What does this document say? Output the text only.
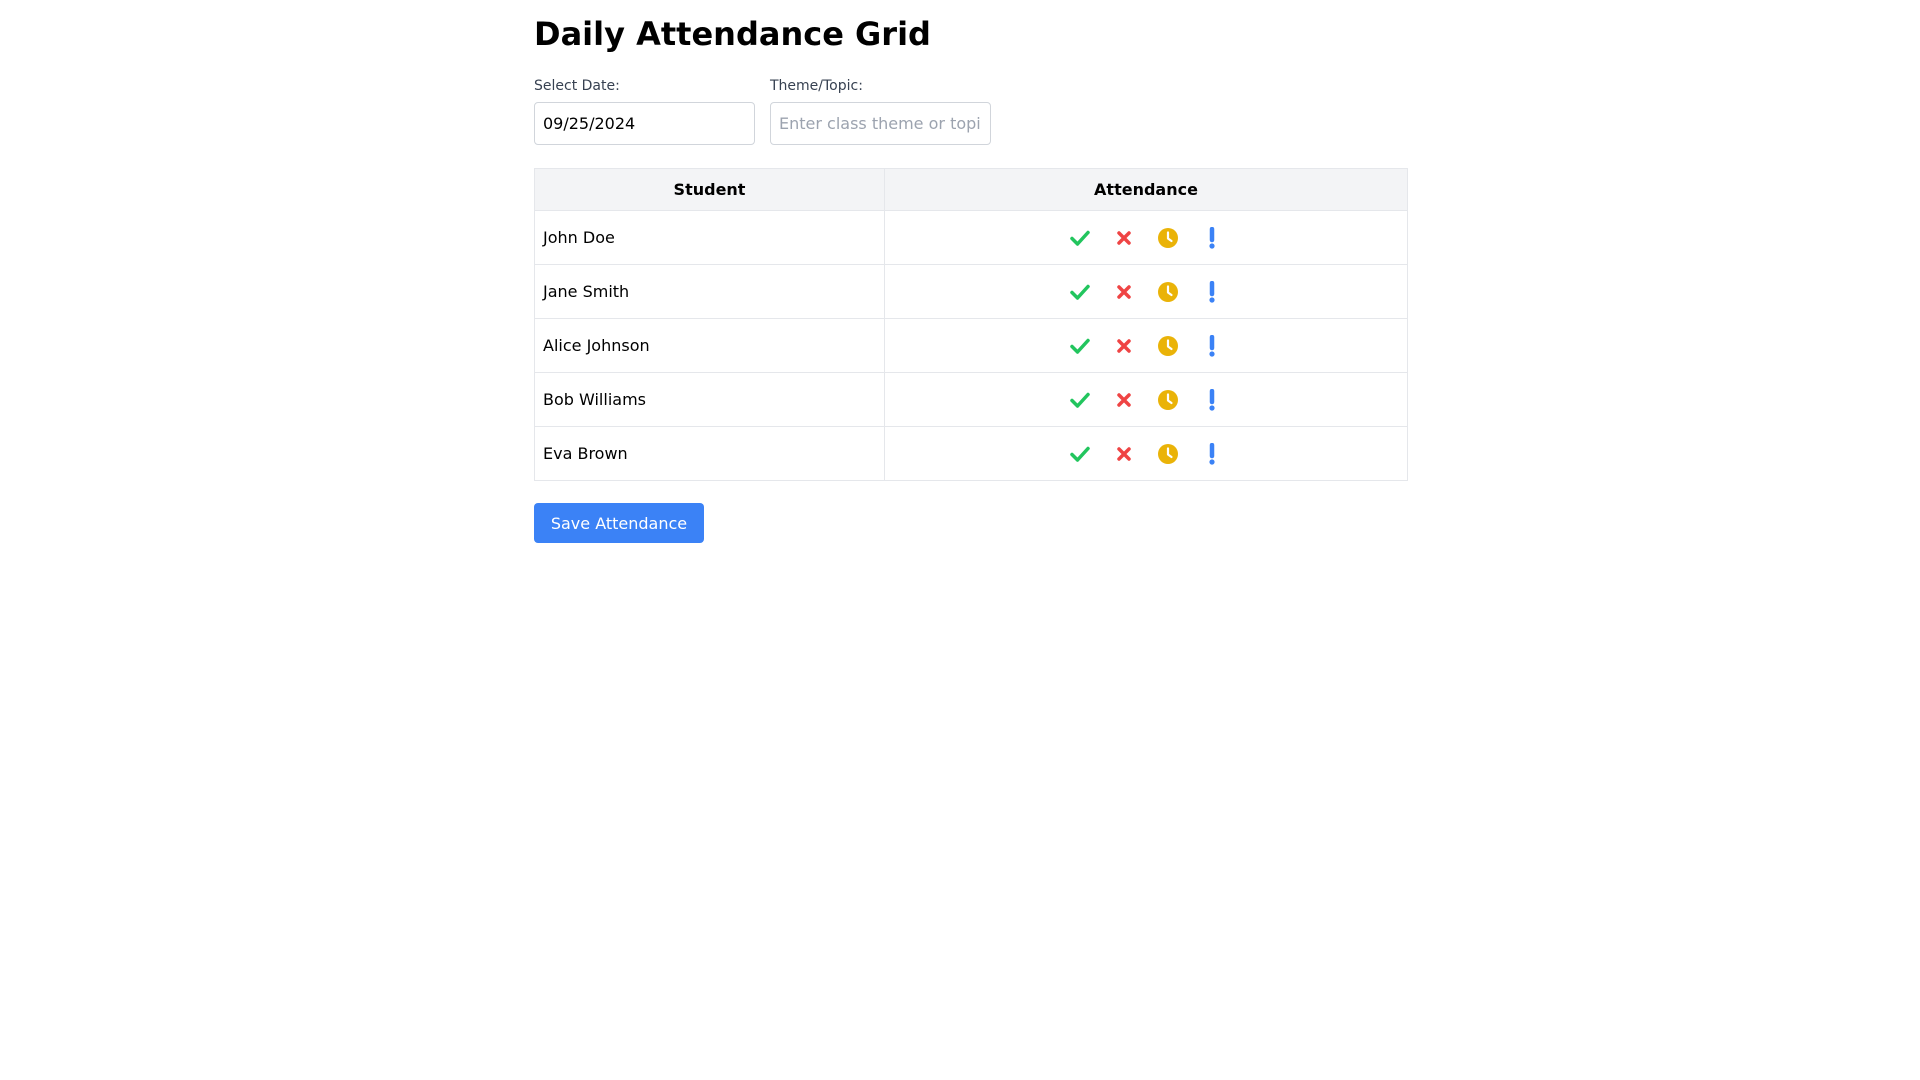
Daily Attendance Grid
Select Date:
09/25/2024
Theme/Topic:
Enter class theme or topi
Student	Attendance
John Doe	

Jane Smith	

Alice Johnson	

Bob Williams	

Eva Brown	
Save Attendance
